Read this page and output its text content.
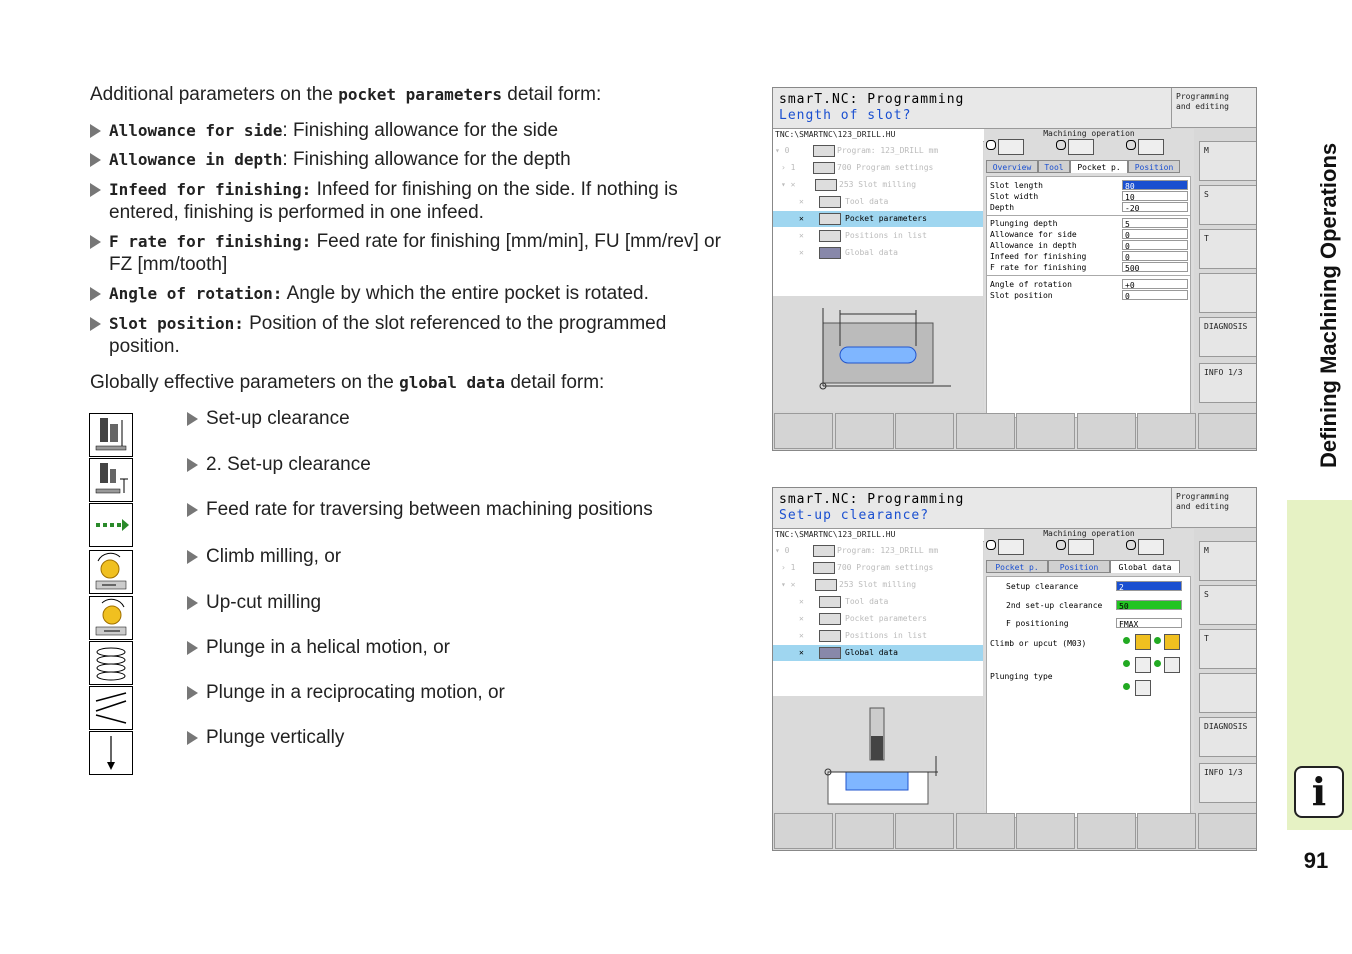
Additional parameters on the pocket parameters detail form:
Allowance for side: Finishing allowance for the side
Allowance in depth: Finishing allowance for the depth
Infeed for finishing: Infeed for finishing on the side. If nothing is entered, finishing is performed in one infeed.
F rate for finishing: Feed rate for finishing [mm/min], FU [mm/rev] or FZ [mm/tooth]
Angle of rotation: Angle by which the entire pocket is rotated.
Slot position: Position of the slot referenced to the programmed position.
Globally effective parameters on the global data detail form:
Set-up clearance
2. Set-up clearance
Feed rate for traversing between machining positions
Climb milling, or
Up-cut milling
Plunge in a helical motion, or
Plunge in a reciprocating motion, or
Plunge vertically
smarT.NC: Programming
Length of slot?
Programming
and editing
TNC:\SMARTNC\123_DRILL.HU
▾ 0	Program: 123_DRILL mm
› 1	700 Program settings
▾ ✕	253 Slot milling
✕	Tool data
✕	Pocket parameters
✕	Positions in list
✕	Global data
Machining operation
Overview	Tool	Pocket p.	Position
Slot length	80
Slot width	10
Depth	-20
Plunging depth	5
Allowance for side	0
Allowance in depth	0
Infeed for finishing	0
F rate for finishing	500
Angle of rotation	+0
Slot position	0
M
S
T
DIAGNOSIS
INFO 1/3
smarT.NC: Programming
Set-up clearance?
Programming
and editing
TNC:\SMARTNC\123_DRILL.HU
▾ 0	Program: 123_DRILL mm
› 1	700 Program settings
▾ ✕	253 Slot milling
✕	Tool data
✕	Pocket parameters
✕	Positions in list
✕	Global data
Machining operation
Pocket p.	Position	Global data
Setup clearance	2
2nd set-up clearance	50
F positioning	FMAX
Climb or upcut (M03)
Plunging type
M
S
T
DIAGNOSIS
INFO 1/3
Defining Machining Operations
i
91
